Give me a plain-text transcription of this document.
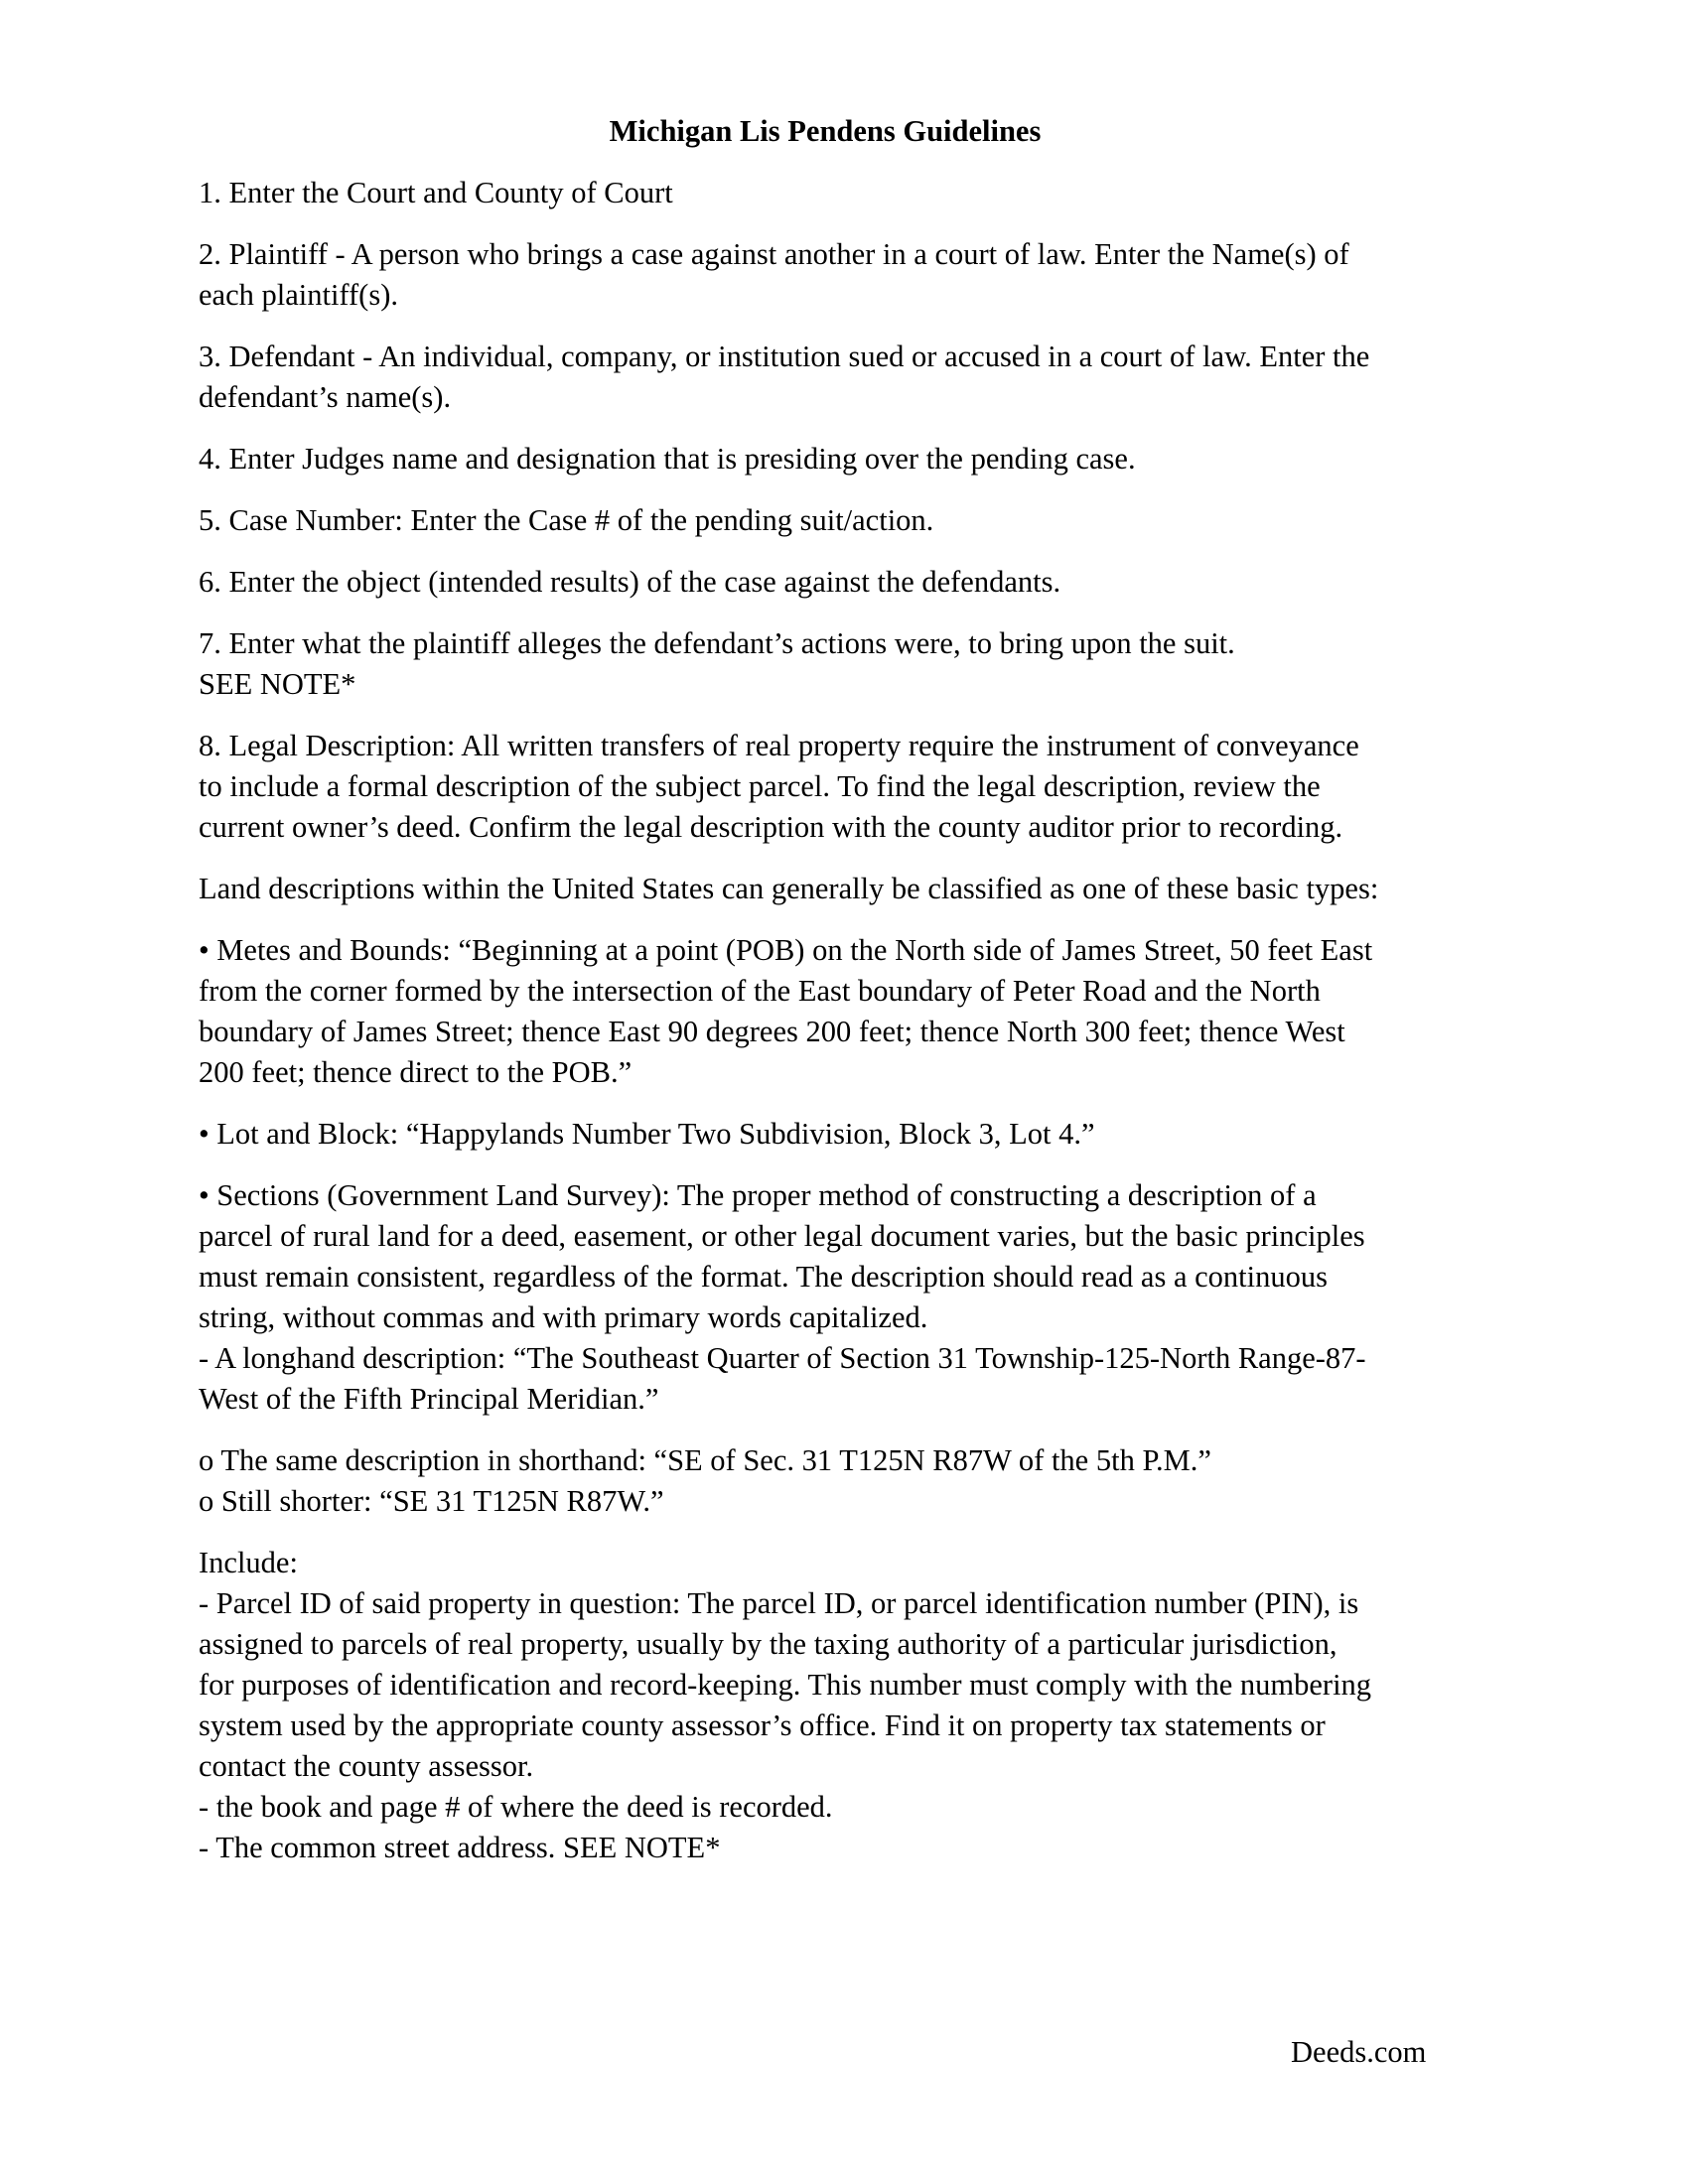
Michigan Lis Pendens Guidelines
1. Enter the Court and County of Court
2. Plaintiff - A person who brings a case against another in a court of law. Enter the Name(s) of
each plaintiff(s).
3. Defendant - An individual, company, or institution sued or accused in a court of law. Enter the
defendant’s name(s).
4. Enter Judges name and designation that is presiding over the pending case.
5. Case Number: Enter the Case # of the pending suit/action.
6. Enter the object (intended results) of the case against the defendants.
7. Enter what the plaintiff alleges the defendant’s actions were, to bring upon the suit.
SEE NOTE*
8. Legal Description: All written transfers of real property require the instrument of conveyance
to include a formal description of the subject parcel. To find the legal description, review the
current owner’s deed. Confirm the legal description with the county auditor prior to recording.
Land descriptions within the United States can generally be classified as one of these basic types:
• Metes and Bounds: “Beginning at a point (POB) on the North side of James Street, 50 feet East
from the corner formed by the intersection of the East boundary of Peter Road and the North
boundary of James Street; thence East 90 degrees 200 feet; thence North 300 feet; thence West
200 feet; thence direct to the POB.”
• Lot and Block: “Happylands Number Two Subdivision, Block 3, Lot 4.”
• Sections (Government Land Survey): The proper method of constructing a description of a
parcel of rural land for a deed, easement, or other legal document varies, but the basic principles
must remain consistent, regardless of the format. The description should read as a continuous
string, without commas and with primary words capitalized.
- A longhand description: “The Southeast Quarter of Section 31 Township-125-North Range-87-
West of the Fifth Principal Meridian.”
o The same description in shorthand: “SE of Sec. 31 T125N R87W of the 5th P.M.”
o Still shorter: “SE 31 T125N R87W.”
Include:
- Parcel ID of said property in question: The parcel ID, or parcel identification number (PIN), is
assigned to parcels of real property, usually by the taxing authority of a particular jurisdiction,
for purposes of identification and record-keeping. This number must comply with the numbering
system used by the appropriate county assessor’s office. Find it on property tax statements or
contact the county assessor.
- the book and page # of where the deed is recorded.
- The common street address. SEE NOTE*
Deeds.com
